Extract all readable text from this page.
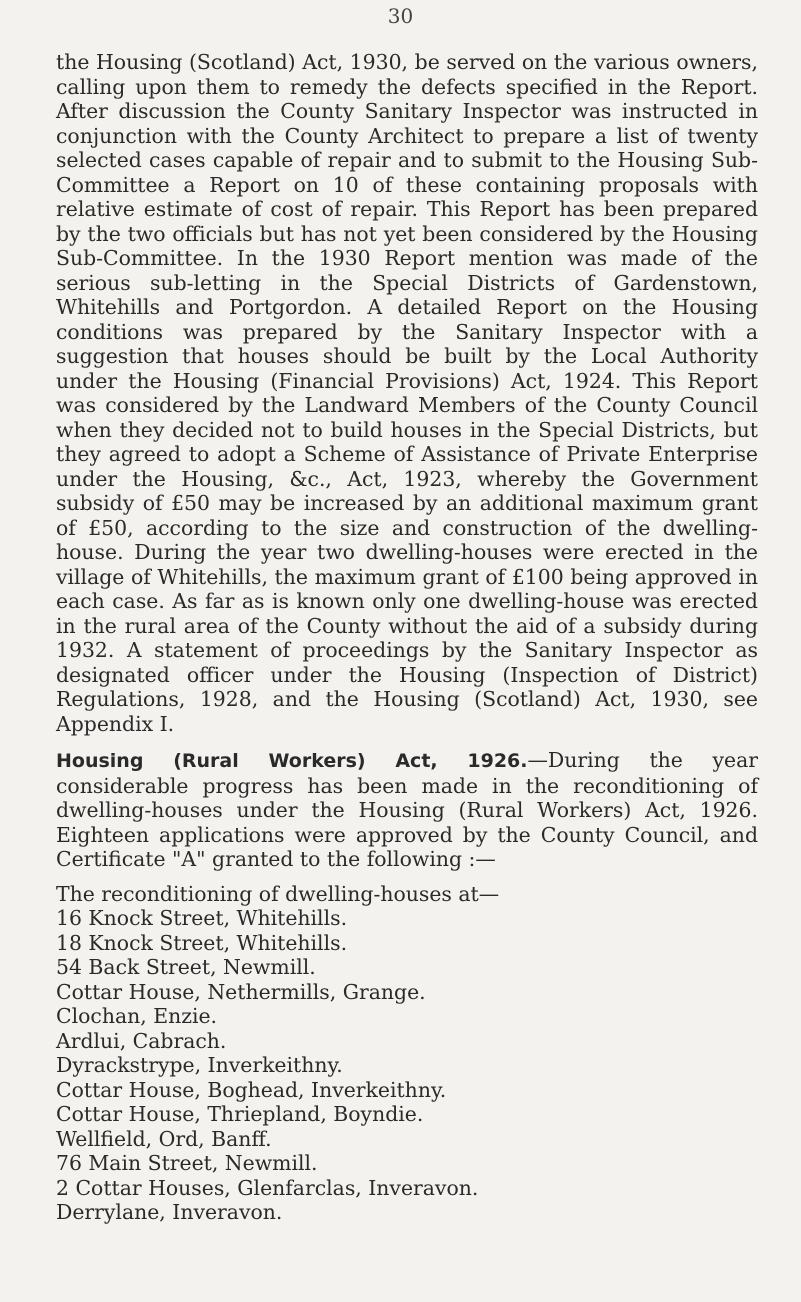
30

the Housing (Scotland) Act, 1930, be served on the various owners, calling upon them to remedy the defects specified in the Report. After discussion the County Sanitary Inspector was instructed in conjunction with the County Architect to prepare a list of twenty selected cases capable of repair and to submit to the Housing Sub-Committee a Report on 10 of these containing proposals with relative estimate of cost of repair. This Report has been prepared by the two officials but has not yet been considered by the Housing Sub-Committee. In the 1930 Report mention was made of the serious sub-letting in the Special Districts of Gardenstown, Whitehills and Portgordon. A detailed Report on the Housing conditions was prepared by the Sanitary Inspector with a suggestion that houses should be built by the Local Authority under the Housing (Financial Provisions) Act, 1924. This Report was considered by the Landward Members of the County Council when they decided not to build houses in the Special Districts, but they agreed to adopt a Scheme of Assistance of Private Enterprise under the Housing, &c., Act, 1923, whereby the Government subsidy of £50 may be increased by an additional maximum grant of £50, according to the size and construction of the dwelling-house. During the year two dwelling-houses were erected in the village of Whitehills, the maximum grant of £100 being approved in each case. As far as is known only one dwelling-house was erected in the rural area of the County without the aid of a subsidy during 1932. A statement of proceedings by the Sanitary Inspector as designated officer under the Housing (Inspection of District) Regulations, 1928, and the Housing (Scotland) Act, 1930, see Appendix I.

Housing (Rural Workers) Act, 1926.—During the year considerable progress has been made in the reconditioning of dwelling-houses under the Housing (Rural Workers) Act, 1926. Eighteen applications were approved by the County Council, and Certificate "A" granted to the following :—

The reconditioning of dwelling-houses at—

16 Knock Street, Whitehills.
18 Knock Street, Whitehills.
54 Back Street, Newmill.
Cottar House, Nethermills, Grange.
Clochan, Enzie.
Ardlui, Cabrach.
Dyrackstrype, Inverkeithny.
Cottar House, Boghead, Inverkeithny.
Cottar House, Thriepland, Boyndie.
Wellfield, Ord, Banff.
76 Main Street, Newmill.
2 Cottar Houses, Glenfarclas, Inveravon.
Derrylane, Inveravon.
